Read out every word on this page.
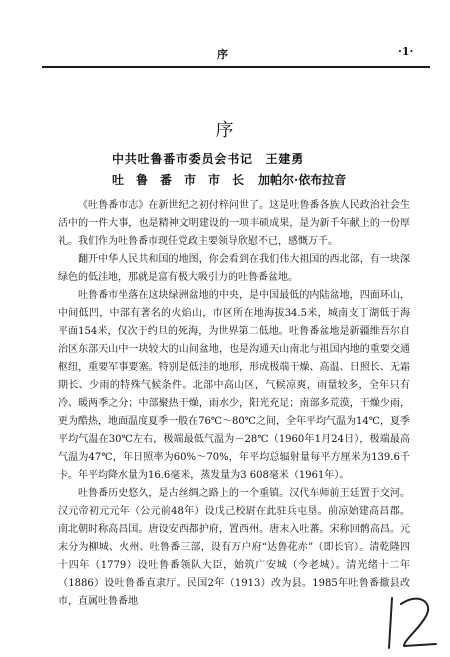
序	·1·
序
中共吐鲁番市委员会书记　王建勇
吐　鲁　番　市　市　长 加帕尔·依布拉音

《吐鲁番市志》在新世纪之初付梓问世了。这是吐鲁番各族人民政治社会生活中的一件大事，也是精神文明建设的一项丰硕成果，是为新千年献上的一份厚礼。我们作为吐鲁番市现任党政主要领导欣慰不已，感慨万千。

翻开中华人民共和国的地图，你会看到在我们伟大祖国的西北部，有一块深绿色的低洼地，那就是富有极大吸引力的吐鲁番盆地。

吐鲁番市坐落在这块绿洲盆地的中央，是中国最低的内陆盆地，四面环山，中间低凹，中部有著名的火焰山，市区所在地海拔34.5米，城南支丁湖低于海平面154米，仅次于约旦的死海，为世界第二低地。吐鲁番盆地是新疆维吾尔自治区东部天山中一块较大的山间盆地，也是沟通天山南北与祖国内地的重要交通枢纽，重要军事要塞。特别是低洼的地形，形成极端干燥、高温、日照长、无霜期长、少雨的特殊气候条件。北部中高山区，气候凉爽，雨量较多，全年只有冷、暖两季之分；中部聚热干燥，雨水少，阳光充足；南部多荒漠，干燥少雨，更为酷热，地面温度夏季一般在76℃～80℃之间，全年平均气温为14℃，夏季平均气温在30℃左右，极端最低气温为－28℃（1960年1月24日），极端最高气温为47℃，年日照率为60%～70%，年平均总辐射量每平方厘米为139.6千卡。年平均降水量为16.6毫米，蒸发量为3 608毫米（1961年）。

吐鲁番历史悠久，是古丝绸之路上的一个重镇。汉代车师前王廷置于交河。汉元帝初元元年（公元前48年）设戊己校尉在此驻兵屯垦。前凉始建高昌郡。南北朝时称高昌国。唐设安西都护府，置西州。唐末入吐蕃。宋称回鹘高昌。元末分为柳城、火州、吐鲁番三部，设有万户府“达鲁花赤”（即长官）。清乾隆四十四年（1779）设吐鲁番领队大臣，始筑广安城（今老城）。清光绪十二年（1886）设吐鲁番直隶厅。民国2年（1913）改为县。1985年吐鲁番撤县改市，直属吐鲁番地
